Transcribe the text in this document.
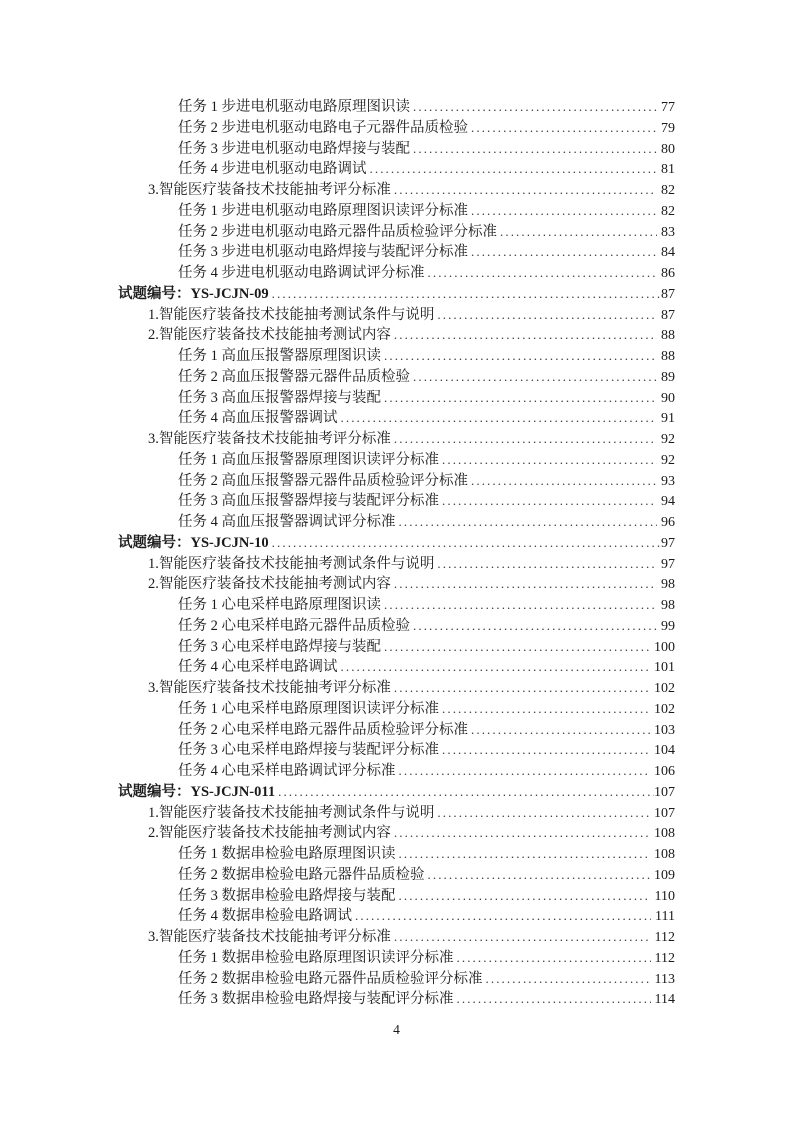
任务 1 步进电机驱动电路原理图识读 .....	77
任务 2 步进电机驱动电路电子元器件品质检验 .....	79
任务 3 步进电机驱动电路焊接与装配 .....	80
任务 4 步进电机驱动电路调试 .....	81
3.智能医疗装备技术技能抽考评分标准 .....	82
任务 1 步进电机驱动电路原理图识读评分标准 .....	82
任务 2 步进电机驱动电路元器件品质检验评分标准 .....	83
任务 3 步进电机驱动电路焊接与装配评分标准 .....	84
任务 4 步进电机驱动电路调试评分标准 .....	86
试题编号：YS-JCJN-09 .....	87
1.智能医疗装备技术技能抽考测试条件与说明 .....	87
2.智能医疗装备技术技能抽考测试内容 .....	88
任务 1 高血压报警器原理图识读 .....	88
任务 2 高血压报警器元器件品质检验 .....	89
任务 3 高血压报警器焊接与装配 .....	90
任务 4 高血压报警器调试 .....	91
3.智能医疗装备技术技能抽考评分标准 .....	92
任务 1 高血压报警器原理图识读评分标准 .....	92
任务 2 高血压报警器元器件品质检验评分标准 .....	93
任务 3 高血压报警器焊接与装配评分标准 .....	94
任务 4 高血压报警器调试评分标准 .....	96
试题编号：YS-JCJN-10 .....	97
1.智能医疗装备技术技能抽考测试条件与说明 .....	97
2.智能医疗装备技术技能抽考测试内容 .....	98
任务 1 心电采样电路原理图识读 .....	98
任务 2 心电采样电路元器件品质检验 .....	99
任务 3 心电采样电路焊接与装配 .....	100
任务 4 心电采样电路调试 .....	101
3.智能医疗装备技术技能抽考评分标准 .....	102
任务 1 心电采样电路原理图识读评分标准 .....	102
任务 2 心电采样电路元器件品质检验评分标准 .....	103
任务 3 心电采样电路焊接与装配评分标准 .....	104
任务 4 心电采样电路调试评分标准 .....	106
试题编号：YS-JCJN-011 .....	107
1.智能医疗装备技术技能抽考测试条件与说明 .....	107
2.智能医疗装备技术技能抽考测试内容 .....	108
任务 1 数据串检验电路原理图识读 .....	108
任务 2 数据串检验电路元器件品质检验 .....	109
任务 3 数据串检验电路焊接与装配 .....	110
任务 4 数据串检验电路调试 .....	111
3.智能医疗装备技术技能抽考评分标准 .....	112
任务 1 数据串检验电路原理图识读评分标准 .....	112
任务 2 数据串检验电路元器件品质检验评分标准 .....	113
任务 3 数据串检验电路焊接与装配评分标准 .....	114
4
